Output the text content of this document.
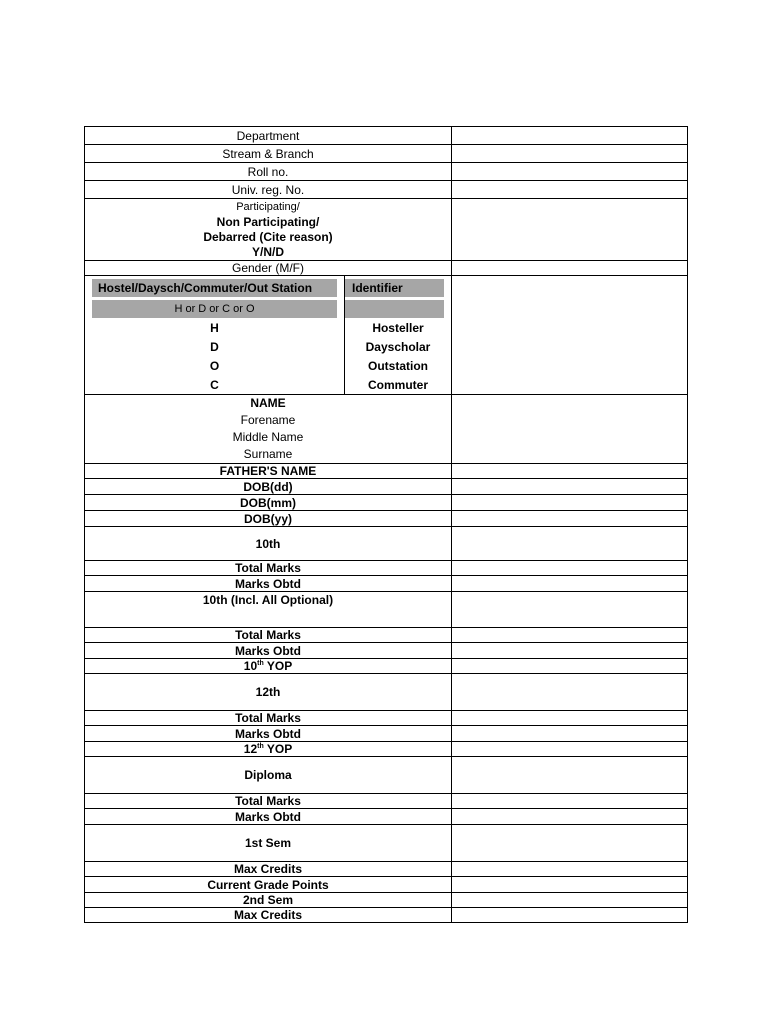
Department	
Stream & Branch	
Roll no.	
Univ. reg. No.	

Participating/
Non Participating/
Debarred (Cite reason)
Y/N/D

Gender (M/F)	

Hostel/Daysch/Commuter/Out Station	Identifier

H or D or C or O

H	Hosteller
D	Dayscholar
O	Outstation
C	Commuter

NAME
Forename
Middle Name
Surname

FATHER'S NAME	
DOB(dd)	
DOB(mm)	
DOB(yy)	
10th	
Total Marks	
Marks Obtd	
10th (Incl. All Optional)	
Total Marks	
Marks Obtd	
10th YOP	
12th	
Total Marks	
Marks Obtd	
12th YOP	
Diploma	
Total Marks	
Marks Obtd	
1st Sem	
Max Credits	
Current Grade Points	
2nd Sem	
Max Credits	
